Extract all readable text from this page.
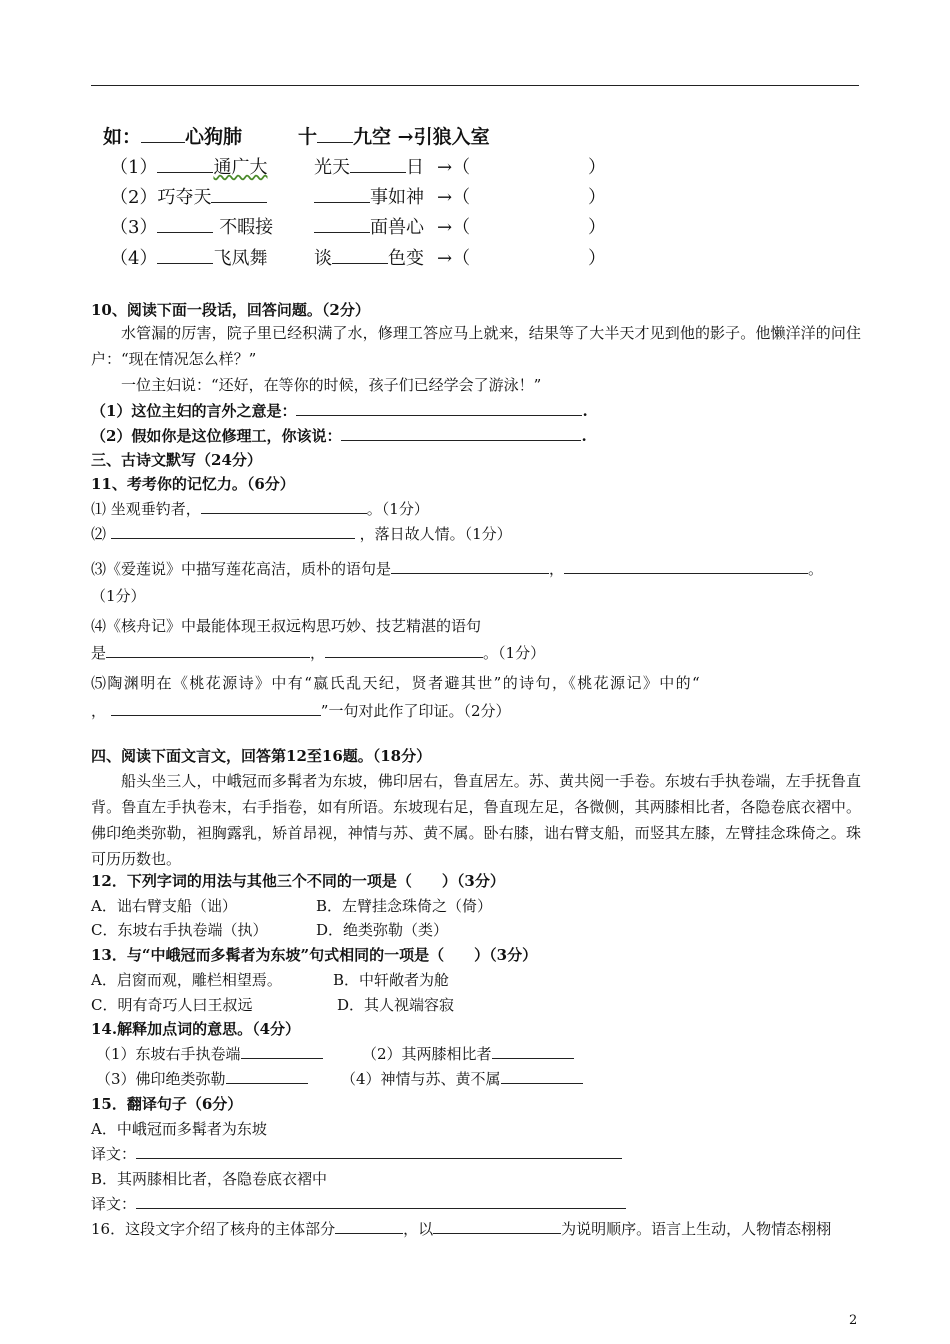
如： 心狗肺	十 九空 →引狼入室
（1）	通广大	光天	日 →（	）
（2）巧夺天	事如神 →（	）
（3）	不暇接	面兽心 →（	）
（4）	飞凤舞	谈	色变 →（	）
10、阅读下面一段话，回答问题。（2分）
水管漏的厉害，院子里已经积满了水，修理工答应马上就来，结果等了大半天才见到他的影子。他懒洋洋的问住户：“现在情况怎么样？”
一位主妇说：“还好，在等你的时候，孩子们已经学会了游泳！”
（1）这位主妇的言外之意是：	.
（2）假如你是这位修理工，你该说：	.
三、古诗文默写（24分）
11、考考你的记忆力。（6分）
⑴ 坐观垂钓者，	。（1分）
⑵	，落日故人情。（1分）
⑶《爱莲说》中描写莲花高洁，质朴的语句是	，	。
（1分）
⑷《核舟记》中最能体现王叔远构思巧妙、技艺精湛的语句
是	，	。（1分）
⑸陶渊明在《桃花源诗》中有“嬴氏乱天纪，贤者避其世”的诗句，《桃花源记》中的“
，	”一句对此作了印证。（2分）
四、阅读下面文言文，回答第12至16题。（18分）
船头坐三人，中峨冠而多髯者为东坡，佛印居右，鲁直居左。苏、黄共阅一手卷。东坡右手执卷端，左手抚鲁直背。鲁直左手执卷末，右手指卷，如有所语。东坡现右足，鲁直现左足，各微侧，其两膝相比者，各隐卷底衣褶中。佛印绝类弥勒，袒胸露乳，矫首昂视，神情与苏、黄不属。卧右膝，诎右臂支船，而竖其左膝，左臂挂念珠倚之。珠可历历数也。
12．下列字词的用法与其他三个不同的一项是（　　）（3分）
A．诎右臂支船（诎）	B．左臂挂念珠倚之（倚）
C．东坡右手执卷端（执）	D．绝类弥勒（类）
13．与“中峨冠而多髯者为东坡”句式相同的一项是（　　）（3分）
A．启窗而观，雕栏相望焉。	B．中轩敞者为舱
C．明有奇巧人曰王叔远	D．其人视端容寂
14.解释加点词的意思。（4分）
（1）东坡右手执卷端	（2）其两膝相比者
（3）佛印绝类弥勒	（4）神情与苏、黄不属
15．翻译句子（6分）
A．中峨冠而多髯者为东坡
译文：
B．其两膝相比者，各隐卷底衣褶中
译文：
16．这段文字介绍了核舟的主体部分	，以	为说明顺序。语言上生动，人物情态栩栩
2
